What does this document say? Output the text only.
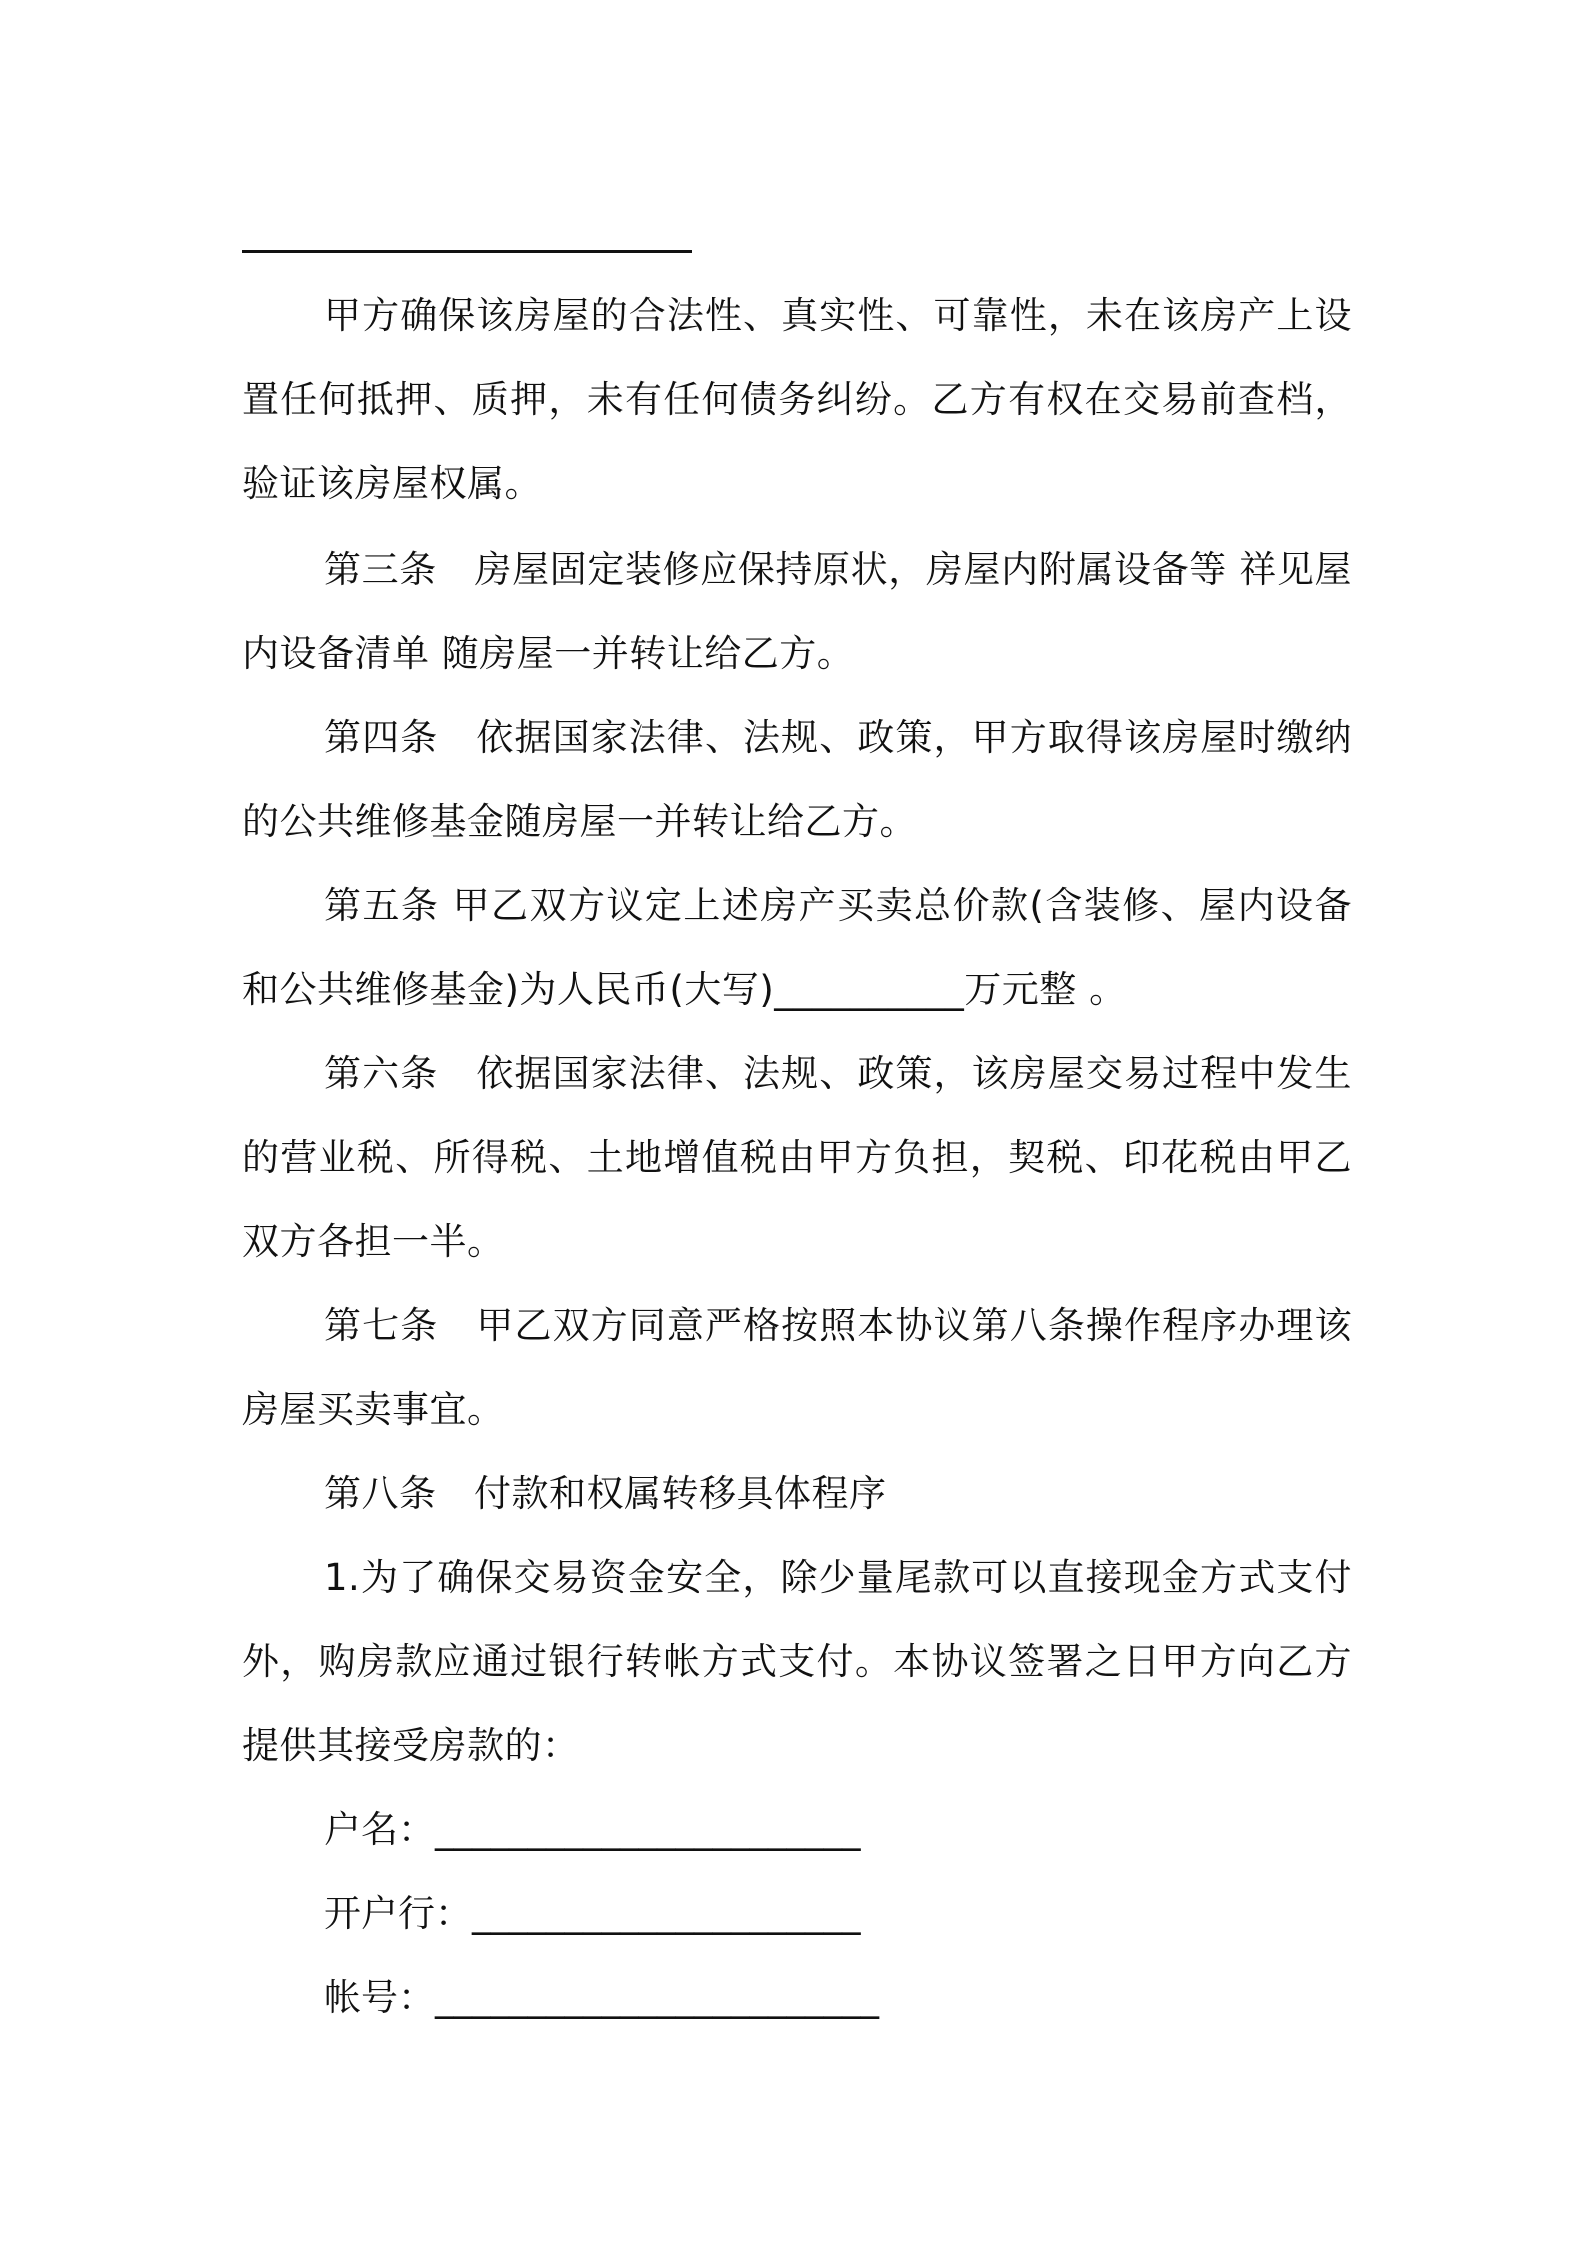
甲方确保该房屋的合法性、真实性、可靠性，未在该房产上设置任何抵押、质押，未有任何债务纠纷。乙方有权在交易前查档，验证该房屋权属。

第三条　房屋固定装修应保持原状，房屋内附属设备等 祥见屋内设备清单 随房屋一并转让给乙方。

第四条　依据国家法律、法规、政策，甲方取得该房屋时缴纳的公共维修基金随房屋一并转让给乙方。

第五条 甲乙双方议定上述房产买卖总价款(含装修、屋内设备和公共维修基金)为人民币(大写)__________万元整 。

第六条　依据国家法律、法规、政策，该房屋交易过程中发生的营业税、所得税、土地增值税由甲方负担，契税、印花税由甲乙双方各担一半。

第七条　甲乙双方同意严格按照本协议第八条操作程序办理该房屋买卖事宜。

第八条　付款和权属转移具体程序

1.为了确保交易资金安全，除少量尾款可以直接现金方式支付外，购房款应通过银行转帐方式支付。本协议签署之日甲方向乙方提供其接受房款的：

户名：_______________________
开户行：_____________________
帐号：________________________
